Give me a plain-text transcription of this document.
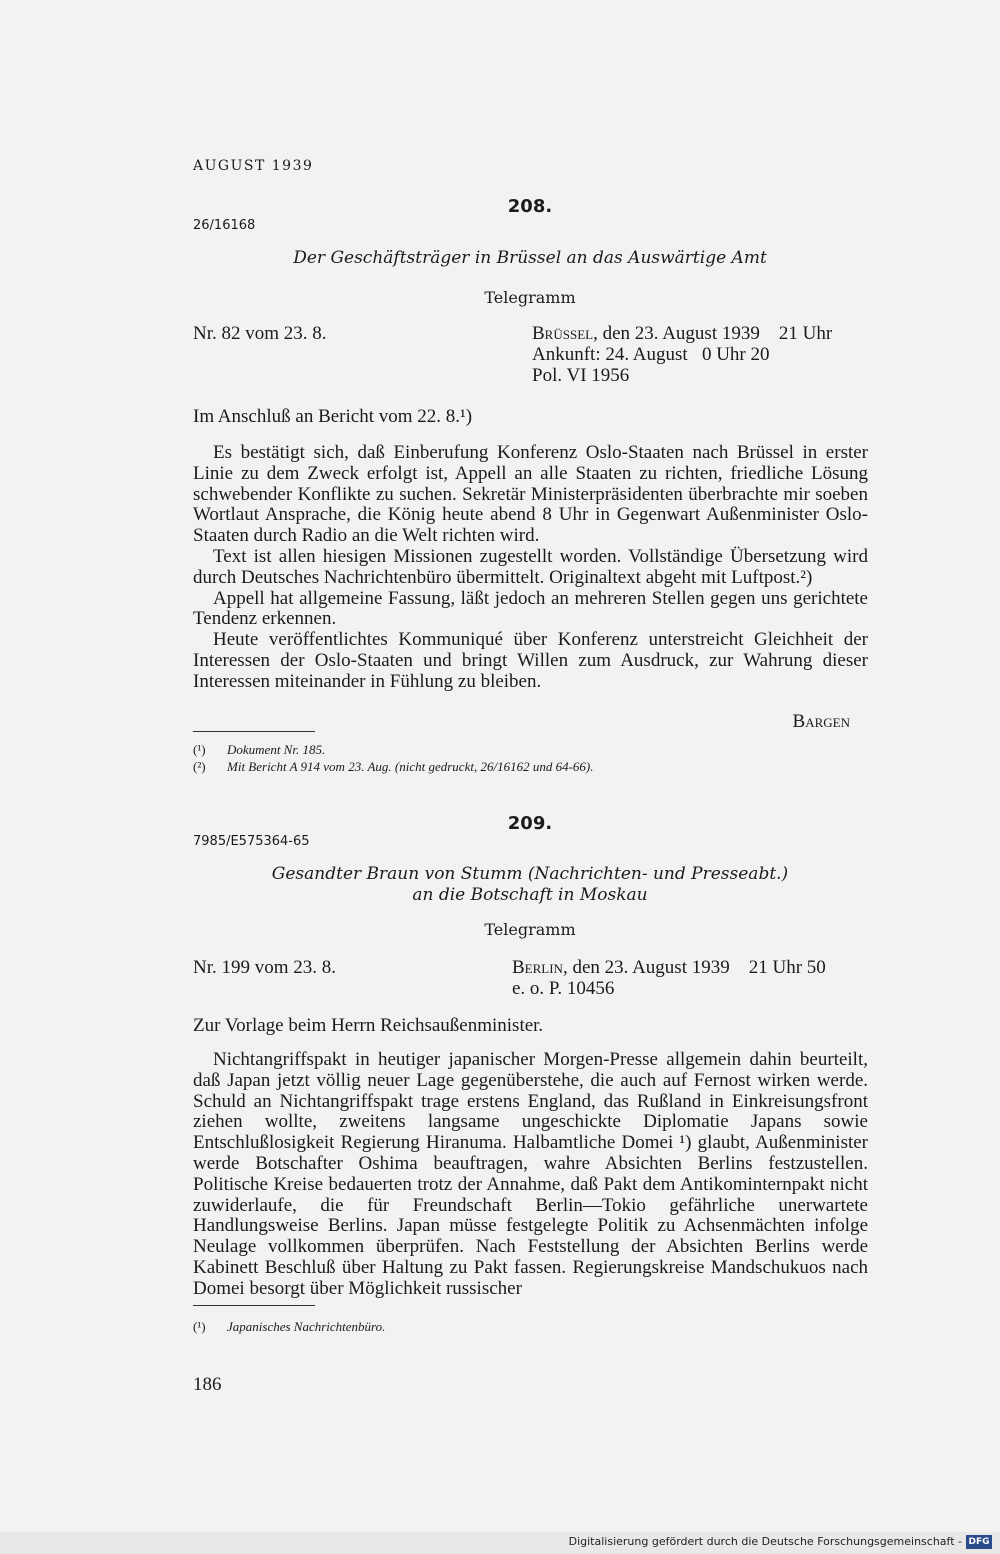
AUGUST 1939
208.
26/16168
Der Geschäftsträger in Brüssel an das Auswärtige Amt
Telegramm
Nr. 82 vom 23. 8.	Brüssel, den 23. August 1939    21 Uhr
Ankunft: 24. August   0 Uhr 20
Pol. VI 1956
Im Anschluß an Bericht vom 22. 8.¹)

Es bestätigt sich, daß Einberufung Konferenz Oslo-Staaten nach Brüssel in erster Linie zu dem Zweck erfolgt ist, Appell an alle Staaten zu richten, friedliche Lösung schwebender Konflikte zu suchen. Sekretär Ministerpräsidenten überbrachte mir soeben Wortlaut Ansprache, die König heute abend 8 Uhr in Gegenwart Außenminister Oslo-Staaten durch Radio an die Welt richten wird.

Text ist allen hiesigen Missionen zugestellt worden. Vollständige Übersetzung wird durch Deutsches Nachrichtenbüro übermittelt. Originaltext abgeht mit Luftpost.²)

Appell hat allgemeine Fassung, läßt jedoch an mehreren Stellen gegen uns gerichtete Tendenz erkennen.

Heute veröffentlichtes Kommuniqué über Konferenz unterstreicht Gleichheit der Interessen der Oslo-Staaten und bringt Willen zum Ausdruck, zur Wahrung dieser Interessen miteinander in Fühlung zu bleiben.

Bargen
(¹) Dokument Nr. 185.
(²) Mit Bericht A 914 vom 23. Aug. (nicht gedruckt, 26/16162 und 64-66).
209.
7985/E575364-65
Gesandter Braun von Stumm (Nachrichten- und Presseabt.)
an die Botschaft in Moskau
Telegramm
Nr. 199 vom 23. 8.	Berlin, den 23. August 1939    21 Uhr 50
e. o. P. 10456
Zur Vorlage beim Herrn Reichsaußenminister.

Nichtangriffspakt in heutiger japanischer Morgen-Presse allgemein dahin beurteilt, daß Japan jetzt völlig neuer Lage gegenüberstehe, die auch auf Fernost wirken werde. Schuld an Nichtangriffspakt trage erstens England, das Rußland in Einkreisungsfront ziehen wollte, zweitens langsame ungeschickte Diplomatie Japans sowie Entschlußlosigkeit Regierung Hiranuma. Halbamtliche Domei ¹) glaubt, Außenminister werde Botschafter Oshima beauftragen, wahre Absichten Berlins festzustellen. Politische Kreise bedauerten trotz der Annahme, daß Pakt dem Antikominternpakt nicht zuwiderlaufe, die für Freundschaft Berlin—Tokio gefährliche unerwartete Handlungsweise Berlins. Japan müsse festgelegte Politik zu Achsenmächten infolge Neulage vollkommen überprüfen. Nach Feststellung der Absichten Berlins werde Kabinett Beschluß über Haltung zu Pakt fassen. Regierungskreise Mandschukuos nach Domei besorgt über Möglichkeit russischer

(¹) Japanisches Nachrichtenbüro.
186
Digitalisierung gefördert durch die Deutsche Forschungsgemeinschaft - DFG
